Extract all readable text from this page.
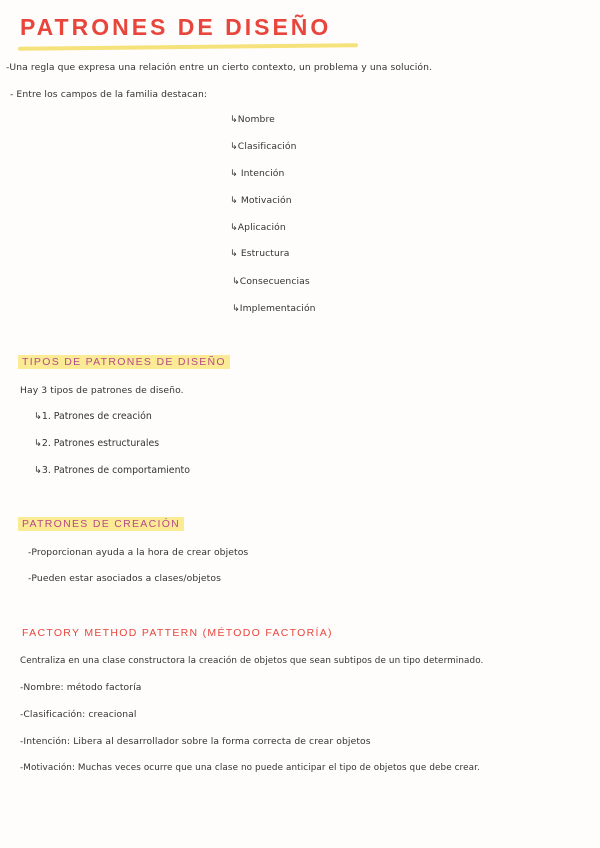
PATRONES DE DISEÑO
-Una regla que expresa una relación entre un cierto contexto, un problema y una solución.
- Entre los campos de la familia destacan:
↳Nombre
↳Clasificación
↳ Intención
↳ Motivación
↳Aplicación
↳ Estructura
↳Consecuencias
↳Implementación
TIPOS DE PATRONES DE DISEÑO
Hay 3 tipos de patrones de diseño.
↳1. Patrones de creación
↳2. Patrones estructurales
↳3. Patrones de comportamiento
PATRONES DE CREACIÓN
-Proporcionan ayuda a la hora de crear objetos
-Pueden estar asociados a clases/objetos
FACTORY METHOD PATTERN (MÉTODO FACTORÍA)
Centraliza en una clase constructora la creación de objetos que sean subtipos de un tipo determinado.
-Nombre: método factoría
-Clasificación: creacional
-Intención: Libera al desarrollador sobre la forma correcta de crear objetos
-Motivación: Muchas veces ocurre que una clase no puede anticipar el tipo de objetos que debe crear.
